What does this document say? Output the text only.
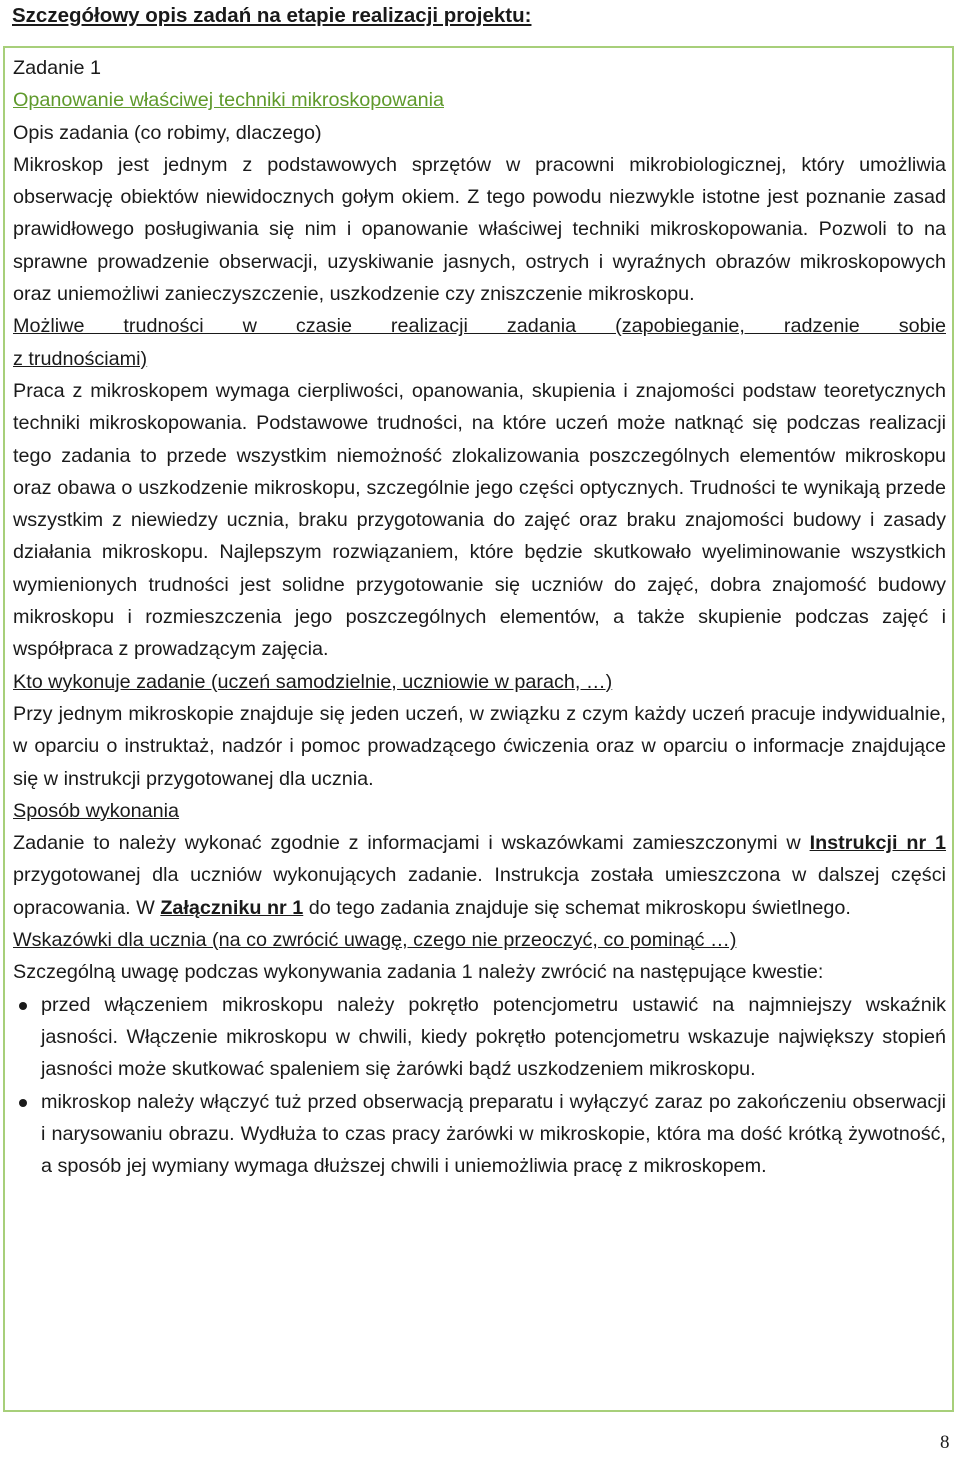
Szczegółowy opis zadań na etapie realizacji projektu:

Zadanie 1

Opanowanie właściwej techniki mikroskopowania

Opis zadania (co robimy, dlaczego)

Mikroskop jest jednym z podstawowych sprzętów w pracowni mikrobiologicznej, który umożliwia obserwację obiektów niewidocznych gołym okiem. Z tego powodu niezwykle istotne jest poznanie zasad prawidłowego posługiwania się nim i opanowanie właściwej techniki mikroskopowania. Pozwoli to na sprawne prowadzenie obserwacji, uzyskiwanie jasnych, ostrych i wyraźnych obrazów mikroskopowych oraz uniemożliwi zanieczyszczenie, uszkodzenie czy zniszczenie mikroskopu.

Możliwe trudności w czasie realizacji zadania (zapobieganie, radzenie sobie
z trudnościami)

Praca z mikroskopem wymaga cierpliwości, opanowania, skupienia i znajomości podstaw teoretycznych techniki mikroskopowania. Podstawowe trudności, na które uczeń może natknąć się podczas realizacji tego zadania to przede wszystkim niemożność zlokalizowania poszczególnych elementów mikroskopu oraz obawa o uszkodzenie mikroskopu, szczególnie jego części optycznych. Trudności te wynikają przede wszystkim z niewiedzy ucznia, braku przygotowania do zajęć oraz braku znajomości budowy i zasady działania mikroskopu. Najlepszym rozwiązaniem, które będzie skutkowało wyeliminowanie wszystkich wymienionych trudności jest solidne przygotowanie się uczniów do zajęć, dobra znajomość budowy mikroskopu i rozmieszczenia jego poszczególnych elementów, a także skupienie podczas zajęć i współpraca z prowadzącym zajęcia.

Kto wykonuje zadanie (uczeń samodzielnie, uczniowie w parach, …)

Przy jednym mikroskopie znajduje się jeden uczeń, w związku z czym każdy uczeń pracuje indywidualnie, w oparciu o instruktaż, nadzór i pomoc prowadzącego ćwiczenia oraz w oparciu o informacje znajdujące się w instrukcji przygotowanej dla ucznia.

Sposób wykonania

Zadanie to należy wykonać zgodnie z informacjami i wskazówkami zamieszczonymi w Instrukcji nr 1 przygotowanej dla uczniów wykonujących zadanie. Instrukcja została umieszczona w dalszej części opracowania. W Załączniku nr 1 do tego zadania znajduje się schemat mikroskopu świetlnego.

Wskazówki dla ucznia (na co zwrócić uwagę, czego nie przeoczyć, co pominąć …)

Szczególną uwagę podczas wykonywania zadania 1 należy zwrócić na następujące kwestie:

przed włączeniem mikroskopu należy pokrętło potencjometru ustawić na najmniejszy wskaźnik jasności. Włączenie mikroskopu w chwili, kiedy pokrętło potencjometru wskazuje największy stopień jasności może skutkować spaleniem się żarówki bądź uszkodzeniem mikroskopu.
mikroskop należy włączyć tuż przed obserwacją preparatu i wyłączyć zaraz po zakończeniu obserwacji i narysowaniu obrazu. Wydłuża to czas pracy żarówki w mikroskopie, która ma dość krótką żywotność, a sposób jej wymiany wymaga dłuższej chwili i uniemożliwia pracę z mikroskopem.
8
